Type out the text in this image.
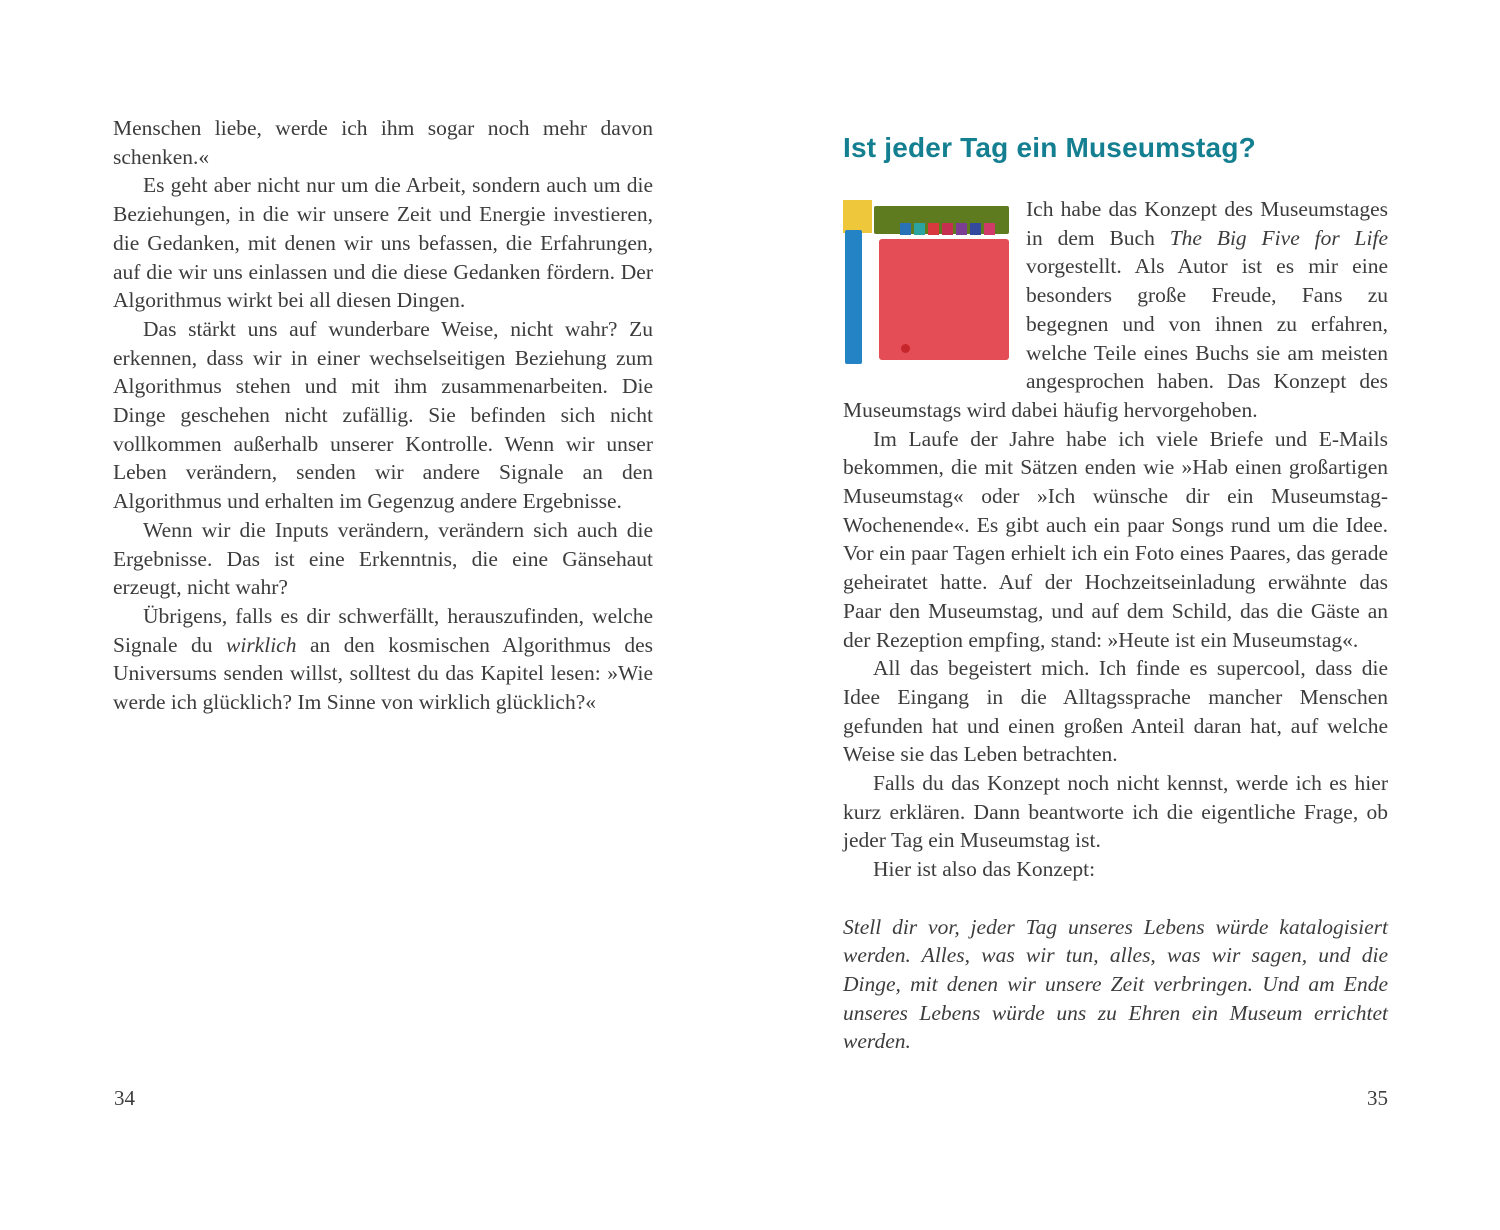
Menschen liebe, werde ich ihm sogar noch mehr davon schenken.«

Es geht aber nicht nur um die Arbeit, sondern auch um die Beziehungen, in die wir unsere Zeit und Energie investieren, die Gedanken, mit denen wir uns befassen, die Erfahrungen, auf die wir uns einlassen und die diese Gedanken fördern. Der Algorithmus wirkt bei all diesen Dingen.

Das stärkt uns auf wunderbare Weise, nicht wahr? Zu erkennen, dass wir in einer wechselseitigen Beziehung zum Algorithmus stehen und mit ihm zusammenarbeiten. Die Dinge geschehen nicht zufällig. Sie befinden sich nicht vollkommen außerhalb unserer Kontrolle. Wenn wir unser Leben verändern, senden wir andere Signale an den Algorithmus und erhalten im Gegenzug andere Ergebnisse.

Wenn wir die Inputs verändern, verändern sich auch die Ergebnisse. Das ist eine Erkenntnis, die eine Gänsehaut erzeugt, nicht wahr?

Übrigens, falls es dir schwerfällt, herauszufinden, welche Signale du wirklich an den kosmischen Algorithmus des Universums senden willst, solltest du das Kapitel lesen: »Wie werde ich glücklich? Im Sinne von wirklich glücklich?«

Ist jeder Tag ein Museumstag?

Ich habe das Konzept des Museumstages in dem Buch The Big Five for Life vorgestellt. Als Autor ist es mir eine besonders große Freude, Fans zu begegnen und von ihnen zu erfahren, welche Teile eines Buchs sie am meisten angesprochen haben. Das Konzept des Museumstags wird dabei häufig hervorgehoben.

Im Laufe der Jahre habe ich viele Briefe und E-Mails bekommen, die mit Sätzen enden wie »Hab einen großartigen Museumstag« oder »Ich wünsche dir ein Museumstag-Wochenende«. Es gibt auch ein paar Songs rund um die Idee. Vor ein paar Tagen erhielt ich ein Foto eines Paares, das gerade geheiratet hatte. Auf der Hochzeitseinladung erwähnte das Paar den Museumstag, und auf dem Schild, das die Gäste an der Rezeption empfing, stand: »Heute ist ein Museumstag«.

All das begeistert mich. Ich finde es supercool, dass die Idee Eingang in die Alltagssprache mancher Menschen gefunden hat und einen großen Anteil daran hat, auf welche Weise sie das Leben betrachten.

Falls du das Konzept noch nicht kennst, werde ich es hier kurz erklären. Dann beantworte ich die eigentliche Frage, ob jeder Tag ein Museumstag ist.

Hier ist also das Konzept:

Stell dir vor, jeder Tag unseres Lebens würde katalogisiert werden. Alles, was wir tun, alles, was wir sagen, und die Dinge, mit denen wir unsere Zeit verbringen. Und am Ende unseres Lebens würde uns zu Ehren ein Museum errichtet werden.

34	35
